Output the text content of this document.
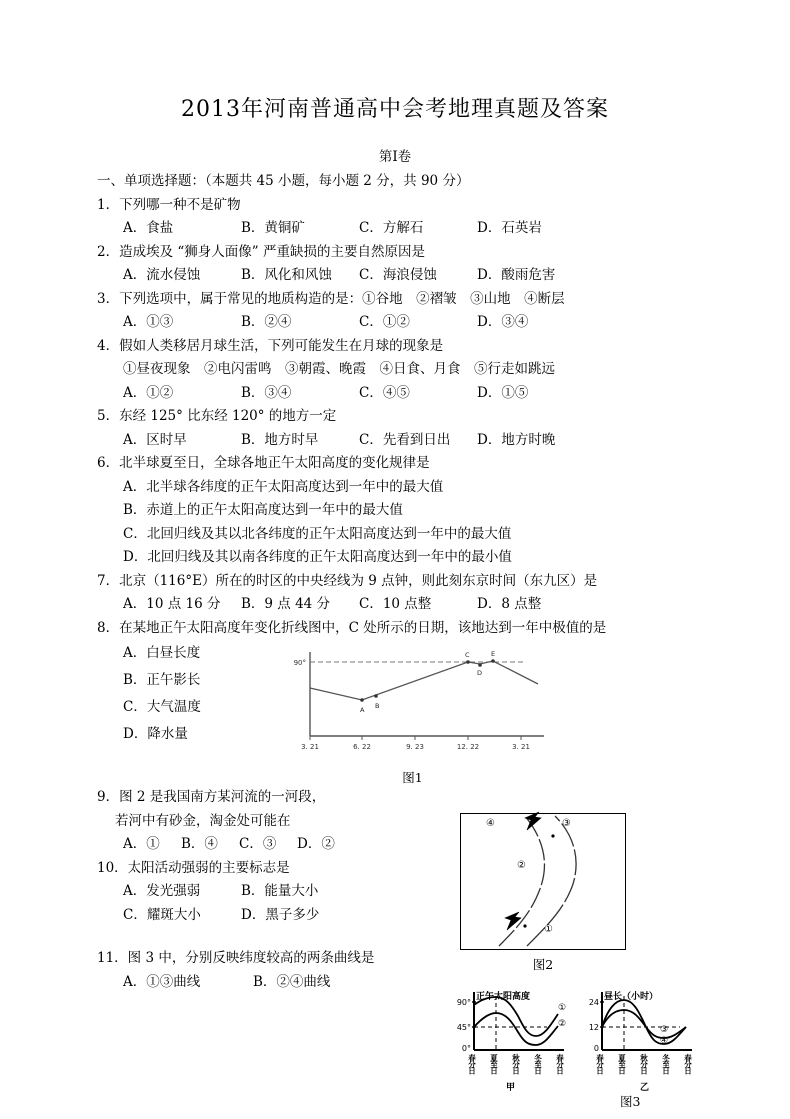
2013年河南普通高中会考地理真题及答案
第Ⅰ卷
一、单项选择题：（本题共 45 小题，每小题 2 分，共 90 分）
1．下列哪一种不是矿物
A．食盐	B．黄铜矿	C．方解石	D．石英岩
2．造成埃及 “狮身人面像” 严重缺损的主要自然原因是
A．流水侵蚀	B．风化和风蚀 C．海浪侵蚀	D．酸雨危害
3．下列选项中，属于常见的地质构造的是：①谷地　②褶皱　③山地　④断层
A．①③	B．②④	C．①②	D．③④
4．假如人类移居月球生活，下列可能发生在月球的现象是
①昼夜现象　②电闪雷鸣　③朝霞、晚霞　④日食、月食　⑤行走如跳远
A．①②	B．③④	C．④⑤	D．①⑤
5．东经 125° 比东经 120° 的地方一定
A．区时早	B．地方时早	C．先看到日出 D．地方时晚
6．北半球夏至日，全球各地正午太阳高度的变化规律是
A．北半球各纬度的正午太阳高度达到一年中的最大值
B．赤道上的正午太阳高度达到一年中的最大值
C．北回归线及其以北各纬度的正午太阳高度达到一年中的最大值
D．北回归线及其以南各纬度的正午太阳高度达到一年中的最小值
7．北京（116°E）所在的时区的中央经线为 9 点钟，则此刻东京时间（东九区）是
A．10 点 16 分 B．9 点 44 分 C．10 点整	D．8 点整
8．在某地正午太阳高度年变化折线图中，C 处所示的日期，该地达到一年中极值的是
A．白昼长度
B．正午影长
C．大气温度
D．降水量
9．图 2 是我国南方某河流的一河段，
若河中有砂金，淘金处可能在
A．① B．④ C．③ D．②
10．太阳活动强弱的主要标志是
A．发光强弱	B．能量大小
C．耀斑大小	D．黑子多少
11．图 3 中，分别反映纬度较高的两条曲线是
A．①③曲线	B．②④曲线
90°
A B
C
D
E
3. 21	6. 22	9. 23	12. 22	3. 21
图1
①
②
③
④
图2
正午太阳高度
90°
45°
0°
①
②
昼长（小时）
24
12
0
③
④
春分日 夏至日 秋分日 冬至日 春分日
甲
春分日 夏至日 秋分日 冬至日 春分日
乙
图3
